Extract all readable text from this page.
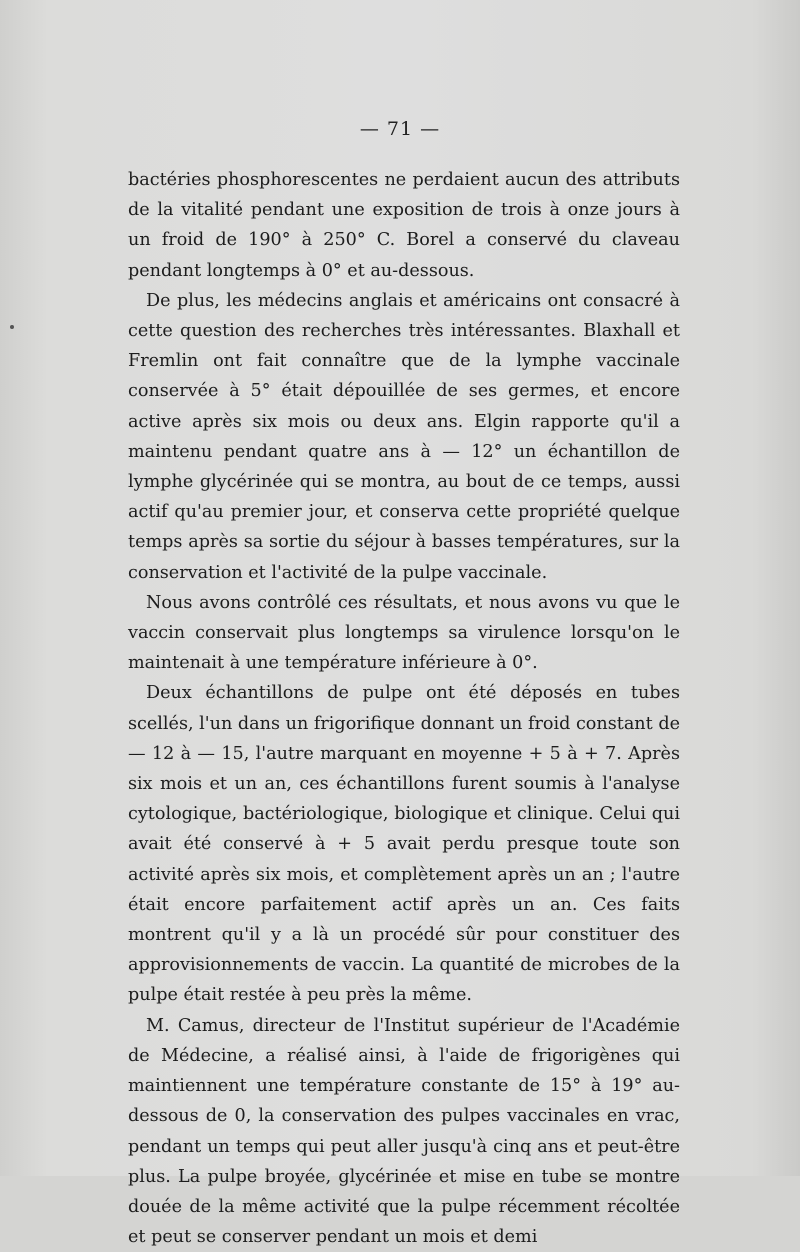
— 71 —

bactéries phosphorescentes ne perdaient aucun des attributs de la vitalité pendant une exposition de trois à onze jours à un froid de 190° à 250° C. Borel a conservé du claveau pendant longtemps à 0° et au-dessous.

De plus, les médecins anglais et américains ont consacré à cette question des recherches très intéressantes. Blaxhall et Fremlin ont fait connaître que de la lymphe vaccinale conservée à 5° était dépouillée de ses germes, et encore active après six mois ou deux ans. Elgin rapporte qu'il a maintenu pendant quatre ans à — 12° un échantillon de lymphe glycérinée qui se montra, au bout de ce temps, aussi actif qu'au premier jour, et conserva cette propriété quelque temps après sa sortie du séjour à basses températures, sur la conservation et l'activité de la pulpe vaccinale.

Nous avons contrôlé ces résultats, et nous avons vu que le vaccin conservait plus longtemps sa virulence lorsqu'on le maintenait à une température inférieure à 0°.

Deux échantillons de pulpe ont été déposés en tubes scellés, l'un dans un frigorifique donnant un froid constant de — 12 à — 15, l'autre marquant en moyenne + 5 à + 7. Après six mois et un an, ces échantillons furent soumis à l'analyse cytologique, bactériologique, biologique et clinique. Celui qui avait été conservé à + 5 avait perdu presque toute son activité après six mois, et complètement après un an ; l'autre était encore parfaitement actif après un an. Ces faits montrent qu'il y a là un procédé sûr pour constituer des approvisionnements de vaccin. La quantité de microbes de la pulpe était restée à peu près la même.

M. Camus, directeur de l'Institut supérieur de l'Académie de Médecine, a réalisé ainsi, à l'aide de frigorigènes qui maintiennent une température constante de 15° à 19° au-dessous de 0, la conservation des pulpes vaccinales en vrac, pendant un temps qui peut aller jusqu'à cinq ans et peut-être plus. La pulpe broyée, glycérinée et mise en tube se montre douée de la même activité que la pulpe récemment récoltée et peut se conserver pendant un mois et demi
